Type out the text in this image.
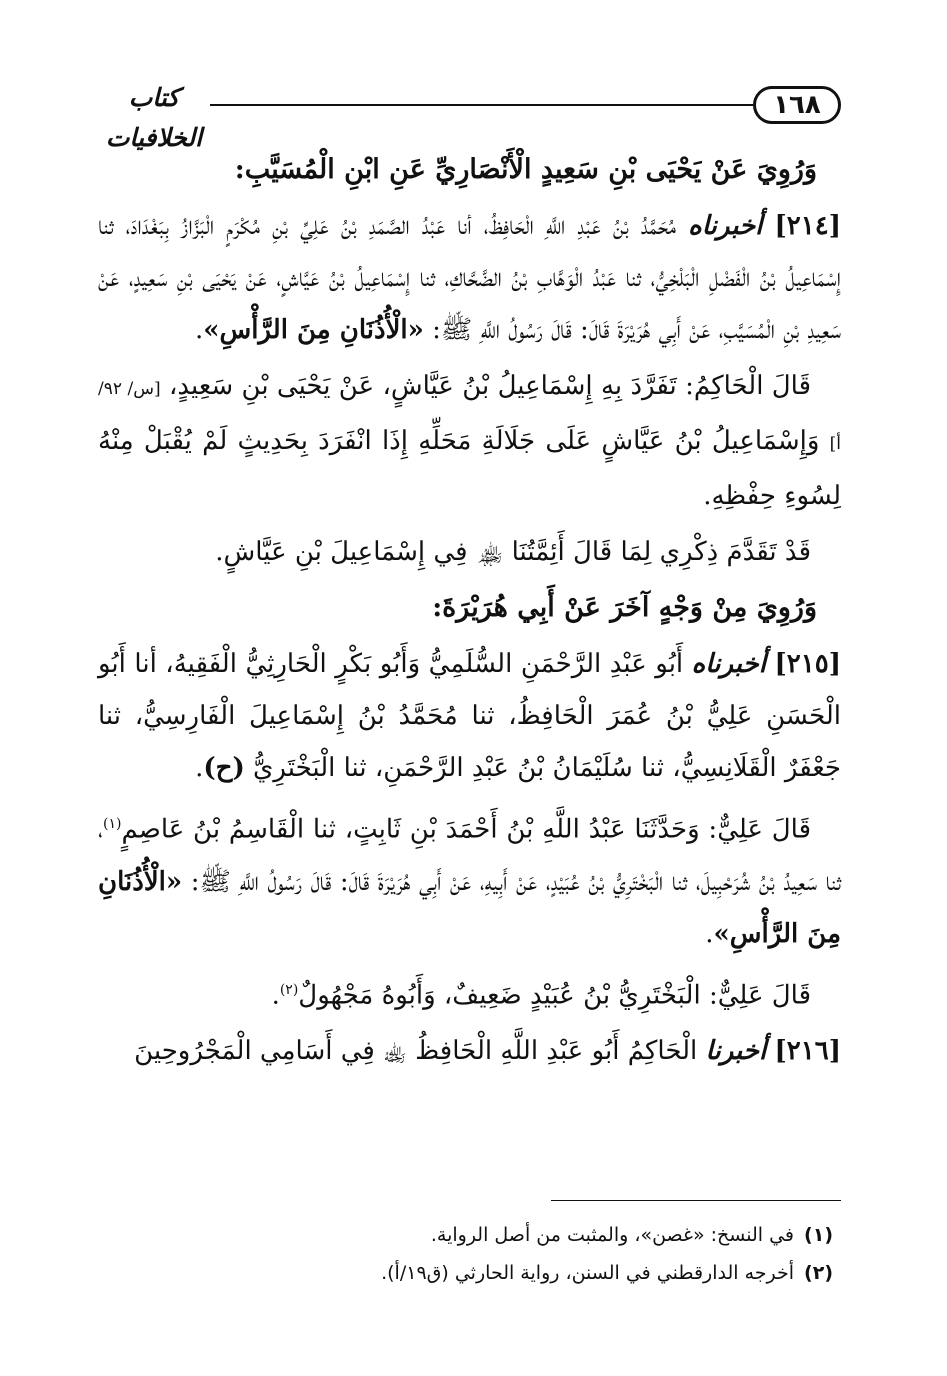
١٦٨
كتاب الخلافيات

وَرُوِيَ عَنْ يَحْيَى بْنِ سَعِيدٍ الْأَنْصَارِيِّ عَنِ ابْنِ الْمُسَيَّبِ:

[٢١٤] أخبرناه مُحَمَّدُ بْنُ عَبْدِ اللَّهِ الْحَافِظُ، أنا عَبْدُ الصَّمَدِ بْنُ عَلِيِّ بْنِ مُكْرَمٍ الْبَزَّازُ بِبَغْدَادَ، ثنا إِسْمَاعِيلُ بْنُ الْفَضْلِ الْبَلْخِيُّ، ثنا عَبْدُ الْوَهَّابِ بْنُ الضَّحَّاكِ، ثنا إِسْمَاعِيلُ بْنُ عَيَّاشٍ، عَنْ يَحْيَى بْنِ سَعِيدٍ، عَنْ سَعِيدِ بْنِ الْمُسَيَّبِ، عَنْ أَبِي هُرَيْرَةَ قَالَ: قَالَ رَسُولُ اللَّهِ ﷺ: «الْأُذُنَانِ مِنَ الرَّأْسِ».

قَالَ الْحَاكِمُ: تَفَرَّدَ بِهِ إِسْمَاعِيلُ بْنُ عَيَّاشٍ، عَنْ يَحْيَى بْنِ سَعِيدٍ، [س/ ٩٢/ أ] وَإِسْمَاعِيلُ بْنُ عَيَّاشٍ عَلَى جَلَالَةِ مَحَلِّهِ إِذَا انْفَرَدَ بِحَدِيثٍ لَمْ يُقْبَلْ مِنْهُ لِسُوءِ حِفْظِهِ.

قَدْ تَقَدَّمَ ذِكْرِي لِمَا قَالَ أَئِمَّتُنَا ﵏ فِي إِسْمَاعِيلَ بْنِ عَيَّاشٍ.

وَرُوِيَ مِنْ وَجْهٍ آخَرَ عَنْ أَبِي هُرَيْرَةَ:

[٢١٥] أخبرناه أَبُو عَبْدِ الرَّحْمَنِ السُّلَمِيُّ وَأَبُو بَكْرٍ الْحَارِثِيُّ الْفَقِيهُ، أنا أَبُو الْحَسَنِ عَلِيُّ بْنُ عُمَرَ الْحَافِظُ، ثنا مُحَمَّدُ بْنُ إِسْمَاعِيلَ الْفَارِسِيُّ، ثنا جَعْفَرٌ الْقَلَانِسِيُّ، ثنا سُلَيْمَانُ بْنُ عَبْدِ الرَّحْمَنِ، ثنا الْبَخْتَرِيُّ (ح).

قَالَ عَلِيٌّ: وَحَدَّثَنَا عَبْدُ اللَّهِ بْنُ أَحْمَدَ بْنِ ثَابِتٍ، ثنا الْقَاسِمُ بْنُ عَاصِمٍ$^{(١)}$، ثنا سَعِيدُ بْنُ شُرَحْبِيلَ، ثنا الْبَخْتَرِيُّ بْنُ عُبَيْدٍ، عَنْ أَبِيهِ، عَنْ أَبِي هُرَيْرَةَ قَالَ: قَالَ رَسُولُ اللَّهِ ﷺ: «الْأُذُنَانِ مِنَ الرَّأْسِ».

قَالَ عَلِيٌّ: الْبَخْتَرِيُّ بْنُ عُبَيْدٍ ضَعِيفٌ، وَأَبُوهُ مَجْهُولٌ$^{(٢)}$.

[٢١٦] أخبرنا الْحَاكِمُ أَبُو عَبْدِ اللَّهِ الْحَافِظُ ﵀ فِي أَسَامِي الْمَجْرُوحِينَ

(١)في النسخ: «غصن»، والمثبت من أصل الرواية.

(٢)أخرجه الدارقطني في السنن، رواية الحارثي (ق١٩/أ).
